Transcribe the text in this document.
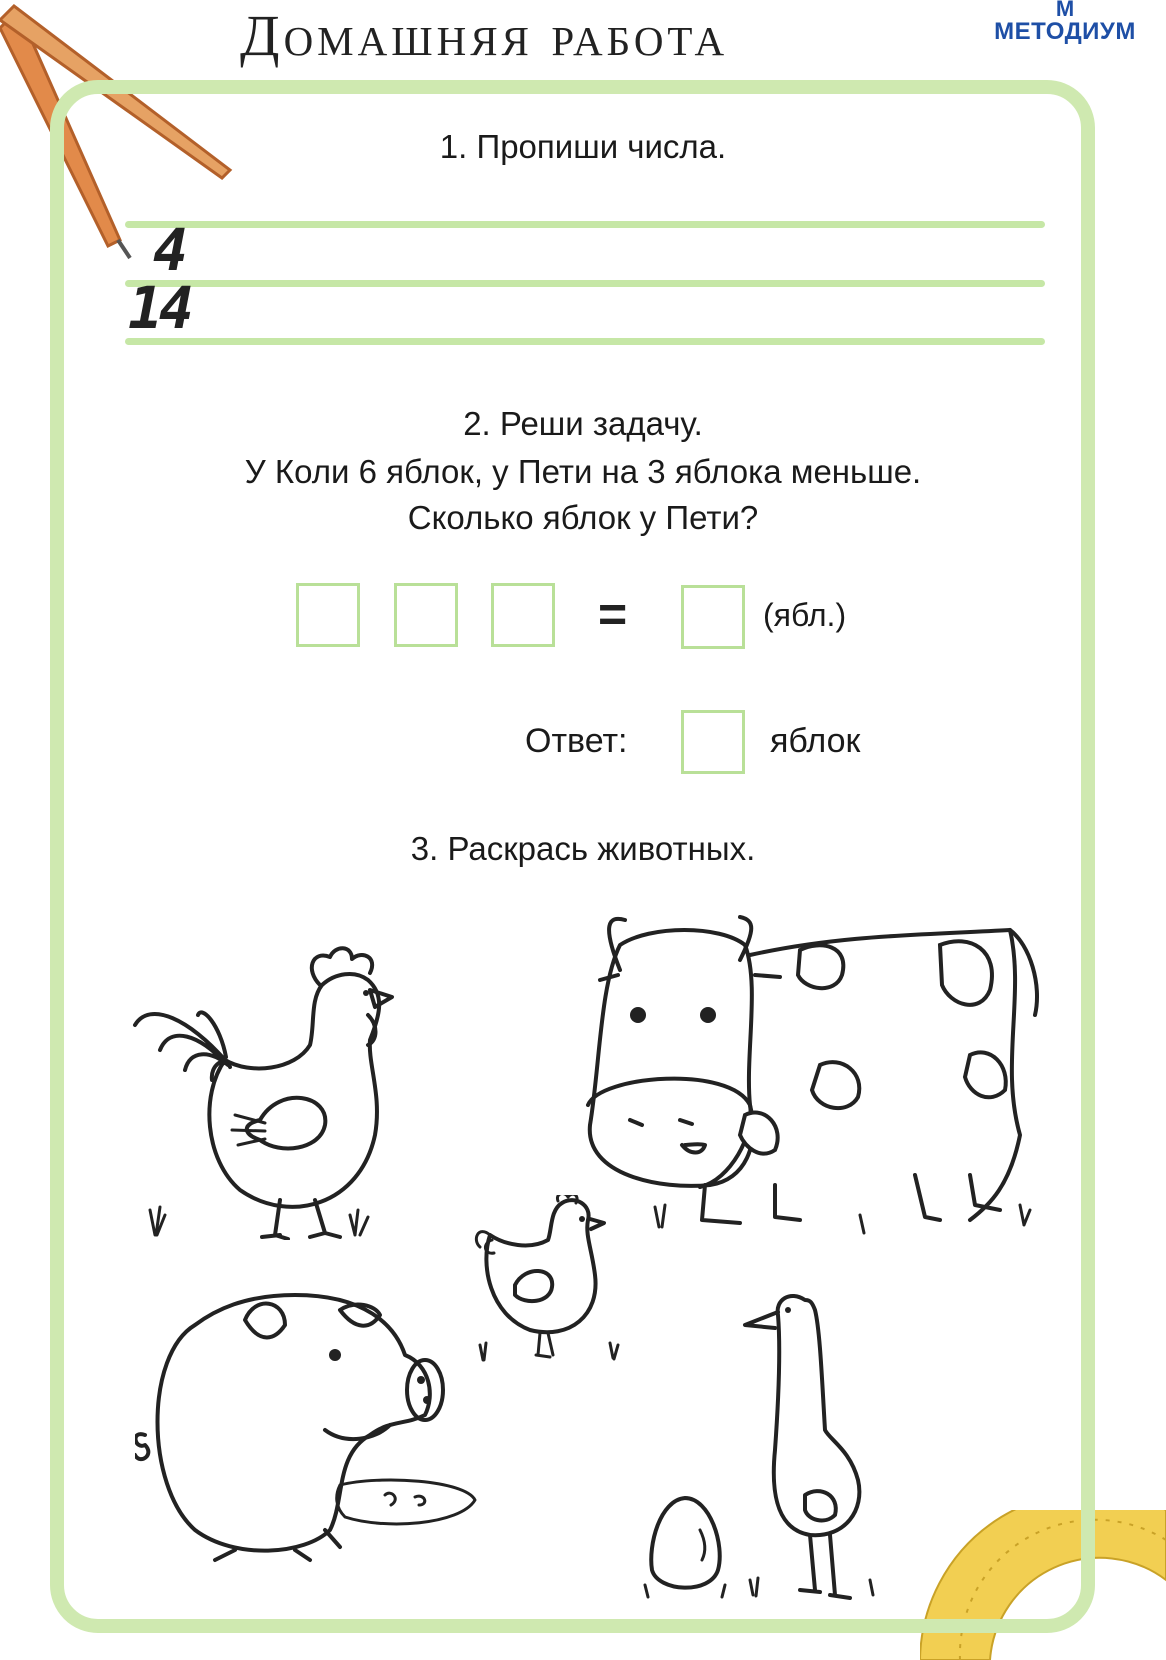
Домашняя работа	М
МЕТОДИУМ
1. Пропиши числа.
4
14
2. Реши задачу.
У Коли 6 яблок, у Пети на 3 яблока меньше.
Сколько яблок у Пети?
=	(ябл.)
Ответ:	яблок
3. Раскрась животных.
